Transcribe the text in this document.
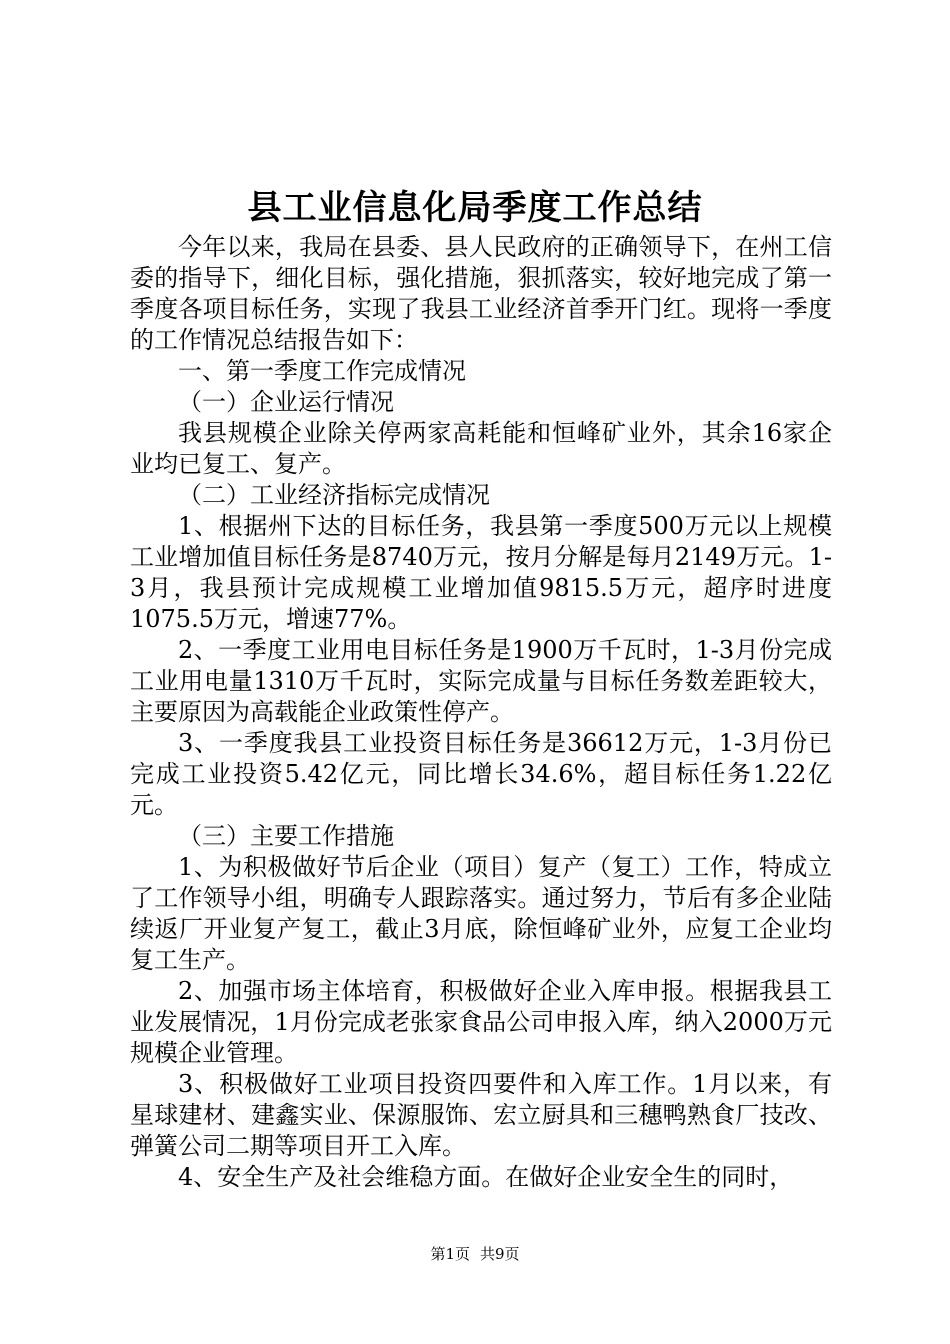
县工业信息化局季度工作总结

今年以来，我局在县委、县人民政府的正确领导下，在州工信委的指导下，细化目标，强化措施，狠抓落实，较好地完成了第一季度各项目标任务，实现了我县工业经济首季开门红。现将一季度的工作情况总结报告如下：

一、第一季度工作完成情况

（一）企业运行情况

我县规模企业除关停两家高耗能和恒峰矿业外，其余16家企业均已复工、复产。

（二）工业经济指标完成情况

1、根据州下达的目标任务，我县第一季度500万元以上规模工业增加值目标任务是8740万元，按月分解是每月2149万元。1-3月，我县预计完成规模工业增加值9815.5万元，超序时进度1075.5万元，增速77%。

2、一季度工业用电目标任务是1900万千瓦时，1-3月份完成工业用电量1310万千瓦时，实际完成量与目标任务数差距较大，主要原因为高载能企业政策性停产。

3、一季度我县工业投资目标任务是36612万元，1-3月份已完成工业投资5.42亿元，同比增长34.6%，超目标任务1.22亿元。

（三）主要工作措施

1、为积极做好节后企业（项目）复产（复工）工作，特成立了工作领导小组，明确专人跟踪落实。通过努力，节后有多企业陆续返厂开业复产复工，截止3月底，除恒峰矿业外，应复工企业均复工生产。

2、加强市场主体培育，积极做好企业入库申报。根据我县工业发展情况，1月份完成老张家食品公司申报入库，纳入2000万元规模企业管理。

3、积极做好工业项目投资四要件和入库工作。1月以来，有星球建材、建鑫实业、保源服饰、宏立厨具和三穗鸭熟食厂技改、弹簧公司二期等项目开工入库。

4、安全生产及社会维稳方面。在做好企业安全生的同时，

第1页 共9页
